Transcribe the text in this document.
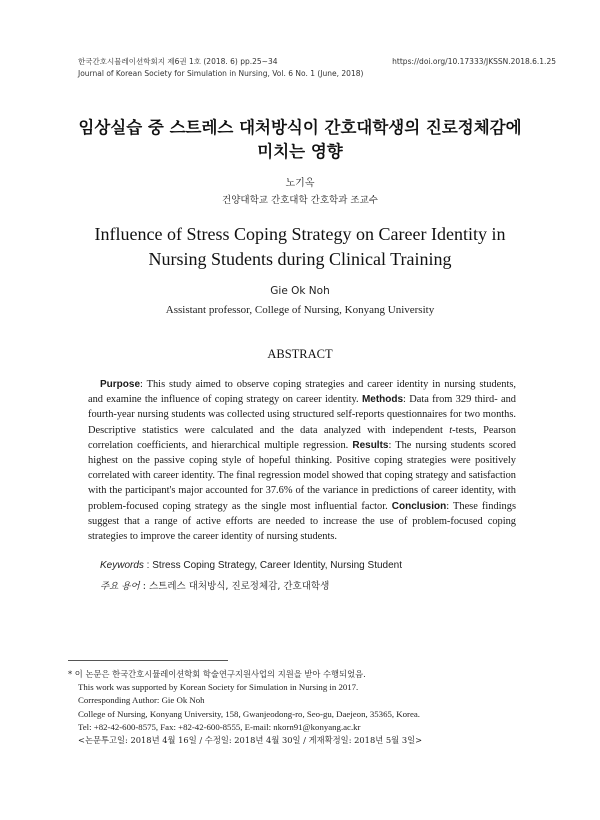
한국간호시뮬레이션학회지 제6권 1호 (2018. 6) pp.25~34	https://doi.org/10.17333/JKSSN.2018.6.1.25
Journal of Korean Society for Simulation in Nursing, Vol. 6 No. 1 (June, 2018)
임상실습 중 스트레스 대처방식이 간호대학생의 진로정체감에
미치는 영향
노기옥
건양대학교 간호대학 간호학과 조교수
Influence of Stress Coping Strategy on Career Identity in
Nursing Students during Clinical Training
Gie Ok Noh
Assistant professor, College of Nursing, Konyang University
ABSTRACT
Purpose: This study aimed to observe coping strategies and career identity in nursing students, and examine the influence of coping strategy on career identity. Methods: Data from 329 third- and fourth-year nursing students was collected using structured self-reports questionnaires for two months. Descriptive statistics were calculated and the data analyzed with independent t-tests, Pearson correlation coefficients, and hierarchical multiple regression. Results: The nursing students scored highest on the passive coping style of hopeful thinking. Positive coping strategies were positively correlated with career identity. The final regression model showed that coping strategy and satisfaction with the participant's major accounted for 37.6% of the variance in predictions of career identity, with problem-focused coping strategy as the single most influential factor. Conclusion: These findings suggest that a range of active efforts are needed to increase the use of problem-focused coping strategies to improve the career identity of nursing students.
Keywords : Stress Coping Strategy, Career Identity, Nursing Student
주요 용어 : 스트레스 대처방식, 진로정체감, 간호대학생
* 이 논문은 한국간호시뮬레이션학회 학술연구지원사업의 지원을 받아 수행되었음.
This work was supported by Korean Society for Simulation in Nursing in 2017.
Corresponding Author: Gie Ok Noh
College of Nursing, Konyang University, 158, Gwanjeodong-ro, Seo-gu, Daejeon, 35365, Korea.
Tel: +82-42-600-8575, Fax: +82-42-600-8555, E-mail: nkorn91@konyang.ac.kr
<논문투고일: 2018년 4월 16일 / 수정일: 2018년 4월 30일 / 게재확정일: 2018년 5월 3일>
